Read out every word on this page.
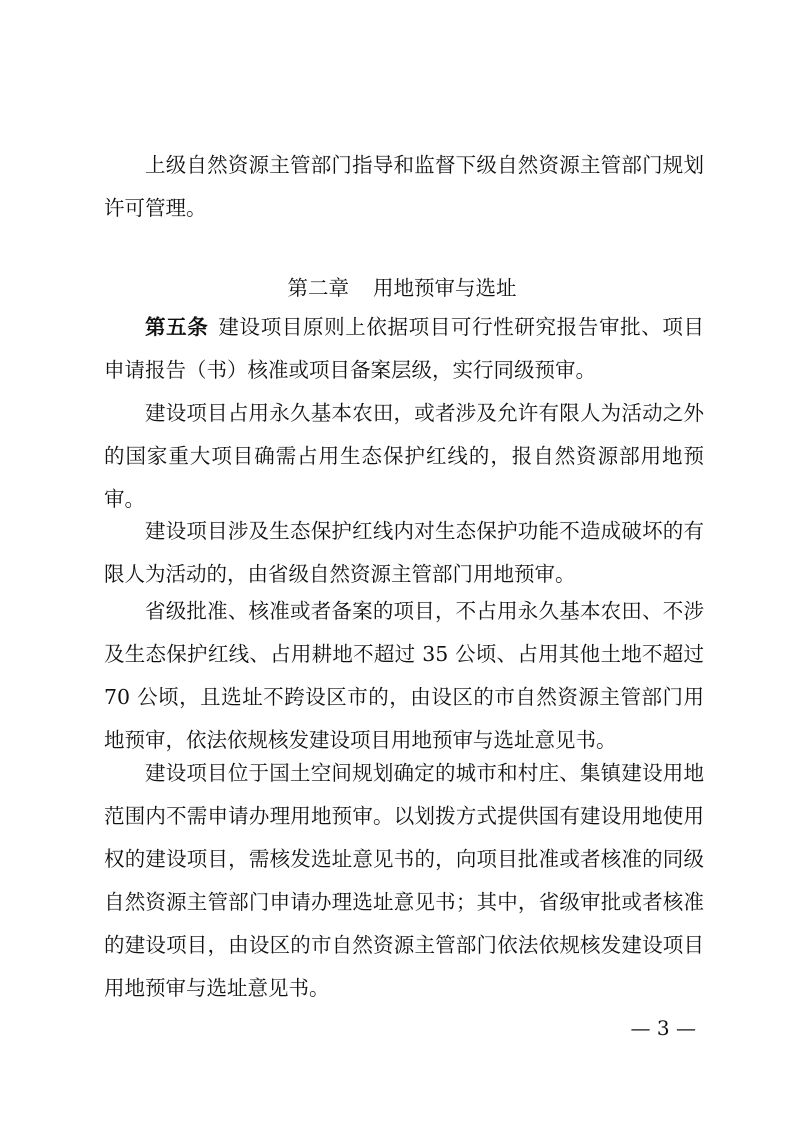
上级自然资源主管部门指导和监督下级自然资源主管部门规划许可管理。

第二章 用地预审与选址

第五条 建设项目原则上依据项目可行性研究报告审批、项目申请报告（书）核准或项目备案层级，实行同级预审。

建设项目占用永久基本农田，或者涉及允许有限人为活动之外的国家重大项目确需占用生态保护红线的，报自然资源部用地预审。

建设项目涉及生态保护红线内对生态保护功能不造成破坏的有限人为活动的，由省级自然资源主管部门用地预审。

省级批准、核准或者备案的项目，不占用永久基本农田、不涉及生态保护红线、占用耕地不超过 35 公顷、占用其他土地不超过 70 公顷，且选址不跨设区市的，由设区的市自然资源主管部门用地预审，依法依规核发建设项目用地预审与选址意见书。

建设项目位于国土空间规划确定的城市和村庄、集镇建设用地范围内不需申请办理用地预审。以划拨方式提供国有建设用地使用权的建设项目，需核发选址意见书的，向项目批准或者核准的同级自然资源主管部门申请办理选址意见书；其中，省级审批或者核准的建设项目，由设区的市自然资源主管部门依法依规核发建设项目用地预审与选址意见书。

— 3 —
